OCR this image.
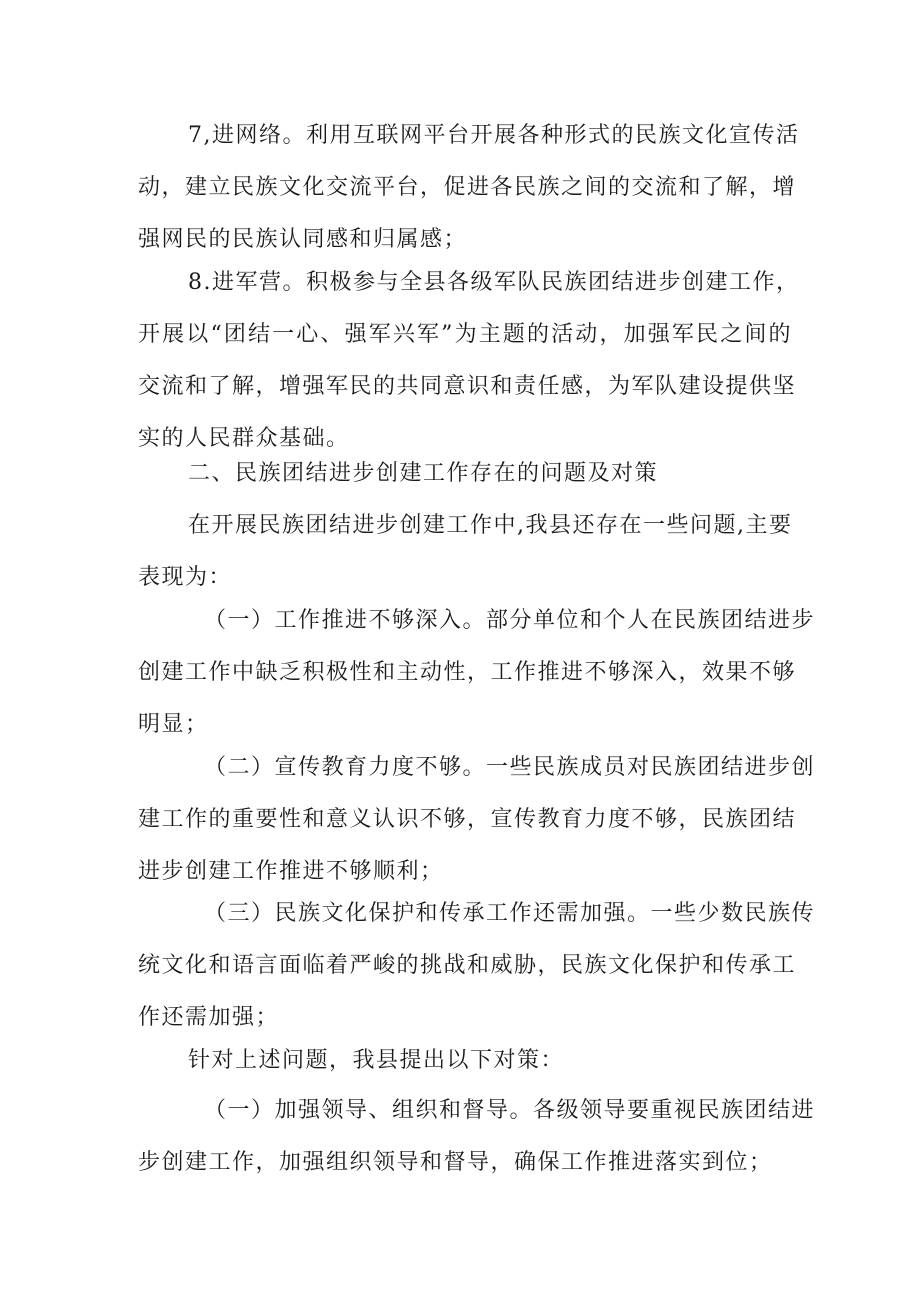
7,进网络。利用互联网平台开展各种形式的民族文化宣传活
动，建立民族文化交流平台，促进各民族之间的交流和了解，增
强网民的民族认同感和归属感；
8.进军营。积极参与全县各级军队民族团结进步创建工作，
开展以“团结一心、强军兴军”为主题的活动，加强军民之间的
交流和了解，增强军民的共同意识和责任感，为军队建设提供坚
实的人民群众基础。
二、民族团结进步创建工作存在的问题及对策
在开展民族团结进步创建工作中,我县还存在一些问题,主要
表现为：
（一）工作推进不够深入。部分单位和个人在民族团结进步
创建工作中缺乏积极性和主动性，工作推进不够深入，效果不够
明显；
（二）宣传教育力度不够。一些民族成员对民族团结进步创
建工作的重要性和意义认识不够，宣传教育力度不够，民族团结
进步创建工作推进不够顺利；
（三）民族文化保护和传承工作还需加强。一些少数民族传
统文化和语言面临着严峻的挑战和威胁，民族文化保护和传承工
作还需加强；
针对上述问题，我县提出以下对策：
（一）加强领导、组织和督导。各级领导要重视民族团结进
步创建工作，加强组织领导和督导，确保工作推进落实到位；
